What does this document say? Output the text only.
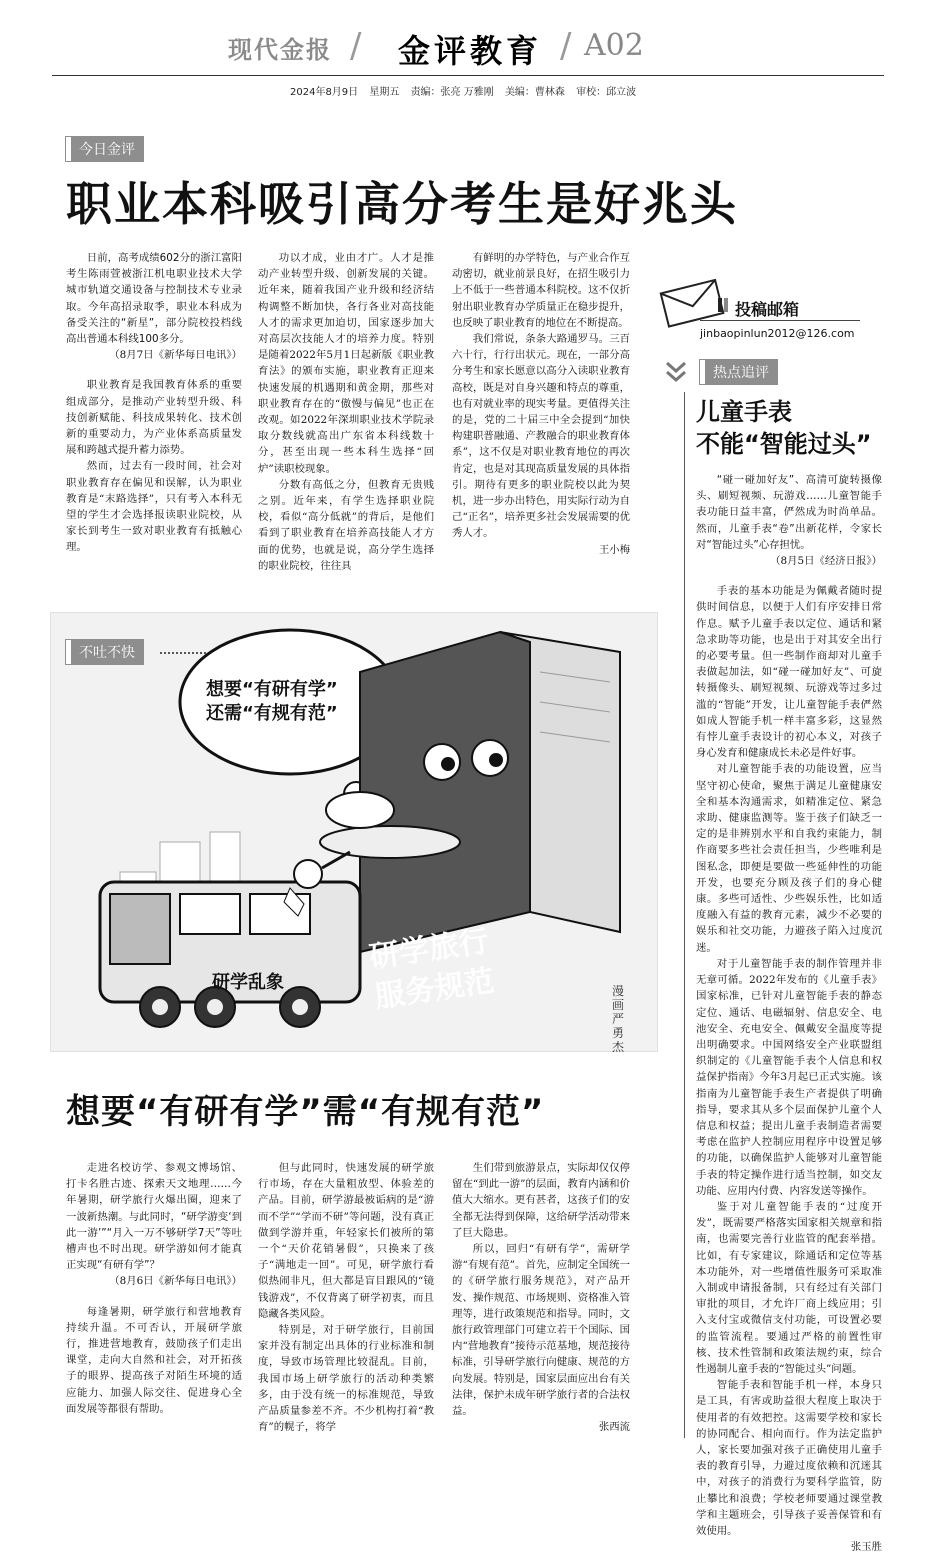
现代金报 / 金评教育 / A02
2024年8月9日 星期五 责编：张亮 万雅刚 美编：曹林森 审校：邱立波
今日金评
职业本科吸引高分考生是好兆头

日前，高考成绩602分的浙江富阳考生陈雨萱被浙江机电职业技术大学城市轨道交通设备与控制技术专业录取。今年高招录取季，职业本科成为备受关注的“新星”，部分院校投档线高出普通本科线100多分。

（8月7日《新华每日电讯》）

职业教育是我国教育体系的重要组成部分，是推动产业转型升级、科技创新赋能、科技成果转化、技术创新的重要动力，为产业体系高质量发展和跨越式提升蓄力添势。

然而，过去有一段时间，社会对职业教育存在偏见和误解，认为职业教育是“末路选择”，只有考入本科无望的学生才会选择报读职业院校，从家长到考生一致对职业教育有抵触心理。

功以才成，业由才广。人才是推动产业转型升级、创新发展的关键。近年来，随着我国产业升级和经济结构调整不断加快，各行各业对高技能人才的需求更加迫切，国家逐步加大对高层次技能人才的培养力度。特别是随着2022年5月1日起新版《职业教育法》的颁布实施，职业教育正迎来快速发展的机遇期和黄金期，那些对职业教育存在的“傲慢与偏见”也正在改观。如2022年深圳职业技术学院录取分数线就高出广东省本科线数十分，甚至出现一些本科生选择“回炉”读职校现象。

分数有高低之分，但教育无贵贱之别。近年来，有学生选择职业院校，看似“高分低就”的背后，是他们看到了职业教育在培养高技能人才方面的优势，也就是说，高分学生选择的职业院校，往往具

有鲜明的办学特色，与产业合作互动密切，就业前景良好，在招生吸引力上不低于一些普通本科院校。这不仅折射出职业教育办学质量正在稳步提升，也反映了职业教育的地位在不断提高。

我们常说，条条大路通罗马。三百六十行，行行出状元。现在，一部分高分考生和家长愿意以高分入读职业教育高校，既是对自身兴趣和特点的尊重，也有对就业率的现实考量。更值得关注的是，党的二十届三中全会提到“加快构建职普融通、产教融合的职业教育体系”，这不仅是对职业教育地位的再次肯定，也是对其现高质量发展的具体指引。期待有更多的职业院校以此为契机，进一步办出特色，用实际行动为自己“正名”，培养更多社会发展需要的优秀人才。

王小梅

投稿邮箱
jinbaopinlun2012@126.com
热点追评
儿童手表
不能“智能过头”

“碰一碰加好友”、高清可旋转摄像头、刷短视频、玩游戏……儿童智能手表功能日益丰富，俨然成为时尚单品。然而，儿童手表“卷”出新花样，令家长对“智能过头”心存担忧。

（8月5日《经济日报》）

手表的基本功能是为佩戴者随时提供时间信息，以便于人们有序安排日常作息。赋予儿童手表以定位、通话和紧急求助等功能，也是出于对其安全出行的必要考量。但一些制作商却对儿童手表做起加法，如“碰一碰加好友”、可旋转摄像头、刷短视频、玩游戏等过多过滥的“智能”开发，让儿童智能手表俨然如成人智能手机一样丰富多彩，这显然有悖儿童手表设计的初心本义，对孩子身心发育和健康成长未必是件好事。

对儿童智能手表的功能设置，应当坚守初心使命，聚焦于满足儿童健康安全和基本沟通需求，如精准定位、紧急求助、健康监测等。鉴于孩子们缺乏一定的是非辨别水平和自我约束能力，制作商要多些社会责任担当，少些唯利是图私念，即便是要做一些延伸性的功能开发，也要充分顾及孩子们的身心健康。多些可适性、少些娱乐性，比如适度融入有益的教育元素，减少不必要的娱乐和社交功能，力避孩子陷入过度沉迷。

对于儿童智能手表的制作管理并非无章可循。2022年发布的《儿童手表》国家标准，已针对儿童智能手表的静态定位、通话、电磁辐射、信息安全、电池安全、充电安全、佩戴安全温度等提出明确要求。中国网络安全产业联盟组织制定的《儿童智能手表个人信息和权益保护指南》今年3月起已正式实施。该指南为儿童智能手表生产者提供了明确指导，要求其从多个层面保护儿童个人信息和权益；提出儿童手表制造者需要考虑在监护人控制应用程序中设置足够的功能，以确保监护人能够对儿童智能手表的特定操作进行适当控制，如交友功能、应用内付费、内容发送等操作。

鉴于对儿童智能手表的“过度开发”，既需要严格落实国家相关规章和指南，也需要完善行业监管的配套举措。比如，有专家建议，除通话和定位等基本功能外，对一些增值性服务可采取准入制或申请报备制，只有经过有关部门审批的项目，才允许厂商上线应用；引入支付宝或微信支付功能，可设置必要的监管流程。要通过严格的前置性审核、技术性管制和政策法规约束，综合性遏制儿童手表的“智能过头”问题。

智能手表和智能手机一样，本身只是工具，有害或助益很大程度上取决于使用者的有效把控。这需要学校和家长的协同配合、相向而行。作为法定监护人，家长要加强对孩子正确使用儿童手表的教育引导，力避过度依赖和沉迷其中，对孩子的消费行为要科学监管，防止攀比和浪费；学校老师要通过课堂教学和主题班会，引导孩子妥善保管和有效使用。

张玉胜

不吐不快
想要“有研有学”
还需“有规有范”
研学旅行
服务规范
研学乱象	漫画 严勇杰
想要“有研有学”需“有规有范”

走进名校访学、参观文博场馆、打卡名胜古迹、探索天文地理……今年暑期，研学旅行火爆出圈，迎来了一波新热潮。与此同时，“研学游变‘到此一游’”“月入一万不够研学7天”等吐槽声也不时出现。研学游如何才能真正实现“有研有学”？

（8月6日《新华每日电讯》）

每逢暑期，研学旅行和营地教育持续升温。不可否认，开展研学旅行，推进营地教育，鼓励孩子们走出课堂，走向大自然和社会，对开拓孩子的眼界、提高孩子对陌生环境的适应能力、加强人际交往、促进身心全面发展等都很有帮助。

但与此同时，快速发展的研学旅行市场，存在大量粗放型、体验差的产品。目前，研学游最被诟病的是“游而不学”“学而不研”等问题，没有真正做到学游并重，年轻家长们被所的第一个“天价花销暑假”，只换来了孩子“满地走一回”。可见，研学旅行看似热闹非凡，但大都是盲目跟风的“镜钱游戏”，不仅背离了研学初衷，而且隐藏各类风险。

特别是，对于研学旅行，目前国家并没有制定出具体的行业标准和制度，导致市场管理比较混乱。目前，我国市场上研学旅行的活动种类繁多，由于没有统一的标准规范，导致产品质量参差不齐。不少机构打着“教育”的幌子，将学

生们带到旅游景点，实际却仅仅停留在“到此一游”的层面，教育内涵和价值大大缩水。更有甚者，这孩子们的安全都无法得到保障，这给研学活动带来了巨大隐患。

所以，回归“有研有学”，需研学游“有规有范”。首先，应制定全国统一的《研学旅行服务规范》，对产品开发、操作规范、市场规则、资格准入管理等，进行政策规范和指导。同时，文旅行政管理部门可建立若干个国际、国内“营地教育”接待示范基地，规范接待标准，引导研学旅行向健康、规范的方向发展。特别是，国家层面应出台有关法律，保护未成年研学旅行者的合法权益。

张西流
